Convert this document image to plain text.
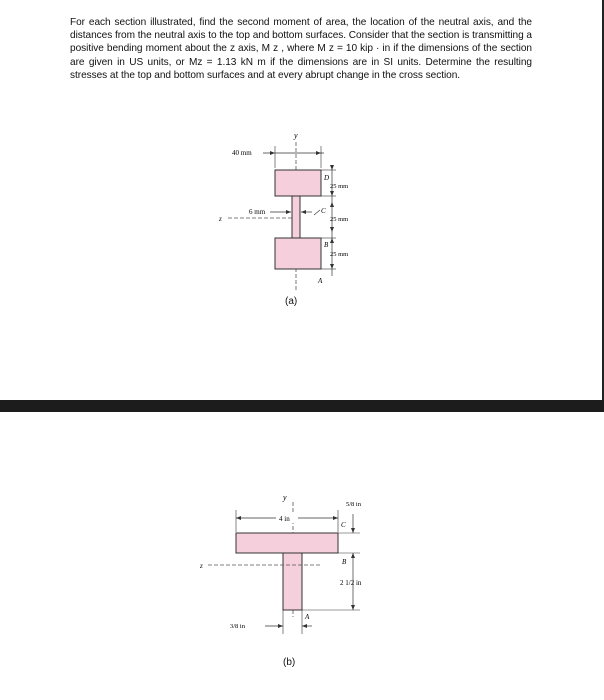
For each section illustrated, find the second moment of area, the location of the neutral axis, and the distances from the neutral axis to the top and bottom surfaces. Consider that the section is transmitting a positive bending moment about the z axis, M z , where M z = 10 kip · in if the dimensions of the section are given in US units, or Mz = 1.13 kN m if the dimensions are in SI units. Determine the resulting stresses at the top and bottom surfaces and at every abrupt change in the cross section.

y
40 mm
z
6 mm
D
25 mm
C
25 mm
B
25 mm
A
(a)
y
4 in
z
5/8 in
C
B
2 1/2 in
3/8 in
A
(b)
